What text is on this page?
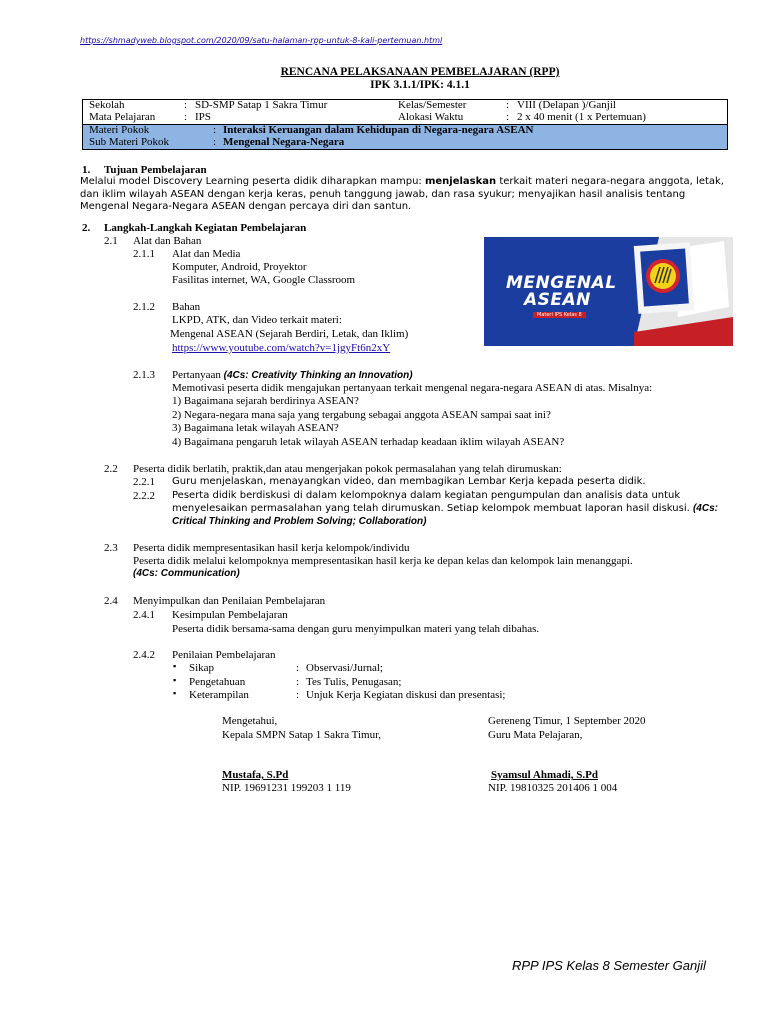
https://shmadyweb.blogspot.com/2020/09/satu-halaman-rpp-untuk-8-kali-pertemuan.html
RENCANA PELAKSANAAN PEMBELAJARAN (RPP)
IPK 3.1.1/IPK: 4.1.1
Sekolah	: SD-SMP Satap 1 Sakra Timur	Kelas/Semester	: VIII (Delapan )/Ganjil
Mata Pelajaran	: IPS	Alokasi Waktu	: 2 x 40 menit (1 x Pertemuan)
Materi Pokok	: Interaksi Keruangan dalam Kehidupan di Negara-negara ASEAN
Sub Materi Pokok	: Mengenal Negara-Negara
1. Tujuan Pembelajaran
Melalui model Discovery Learning peserta didik diharapkan mampu: menjelaskan terkait materi negara-negara anggota, letak,
dan iklim wilayah ASEAN dengan kerja keras, penuh tanggung jawab, dan rasa syukur; menyajikan hasil analisis tentang
Mengenal Negara-Negara ASEAN dengan percaya diri dan santun.
2. Langkah-Langkah Kegiatan Pembelajaran
2.1 Alat dan Bahan
2.1.1 Alat dan Media
Komputer, Android, Proyektor
Fasilitas internet, WA, Google Classroom
2.1.2 Bahan
LKPD, ATK, dan Video terkait materi:
Mengenal ASEAN (Sejarah Berdiri, Letak, dan Iklim)
https://www.youtube.com/watch?v=1jgyFt6n2xY
MENGENAL
ASEAN
Materi IPS Kelas 8
2.1.3 Pertanyaan (4Cs: Creativity Thinking an Innovation)
Memotivasi peserta didik mengajukan pertanyaan terkait mengenal negara-negara ASEAN di atas. Misalnya:
1) Bagaimana sejarah berdirinya ASEAN?
2) Negara-negara mana saja yang tergabung sebagai anggota ASEAN sampai saat ini?
3) Bagaimana letak wilayah ASEAN?
4) Bagaimana pengaruh letak wilayah ASEAN terhadap keadaan iklim wilayah ASEAN?
2.2 Peserta didik berlatih, praktik,dan atau mengerjakan pokok permasalahan yang telah dirumuskan:
2.2.1 Guru menjelaskan, menayangkan video, dan membagikan Lembar Kerja kepada peserta didik.
2.2.2 Peserta didik berdiskusi di dalam kelompoknya dalam kegiatan pengumpulan dan analisis data untuk
menyelesaikan permasalahan yang telah dirumuskan. Setiap kelompok membuat laporan hasil diskusi. (4Cs:
Critical Thinking and Problem Solving; Collaboration)
2.3 Peserta didik mempresentasikan hasil kerja kelompok/individu
Peserta didik melalui kelompoknya mempresentasikan hasil kerja ke depan kelas dan kelompok lain menanggapi.
(4Cs: Communication)
2.4 Menyimpulkan dan Penilaian Pembelajaran
2.4.1 Kesimpulan Pembelajaran
Peserta didik bersama-sama dengan guru menyimpulkan materi yang telah dibahas.
2.4.2 Penilaian Pembelajaran
▪ Sikap	: Observasi/Jurnal;
▪ Pengetahuan	: Tes Tulis, Penugasan;
▪ Keterampilan	: Unjuk Kerja Kegiatan diskusi dan presentasi;
Mengetahui,
Kepala SMPN Satap 1 Sakra Timur,
Mustafa, S.Pd
NIP. 19691231 199203 1 119
Gereneng Timur, 1 September 2020
Guru Mata Pelajaran,
Syamsul Ahmadi, S.Pd
NIP. 19810325 201406 1 004
RPP IPS Kelas 8 Semester Ganjil
